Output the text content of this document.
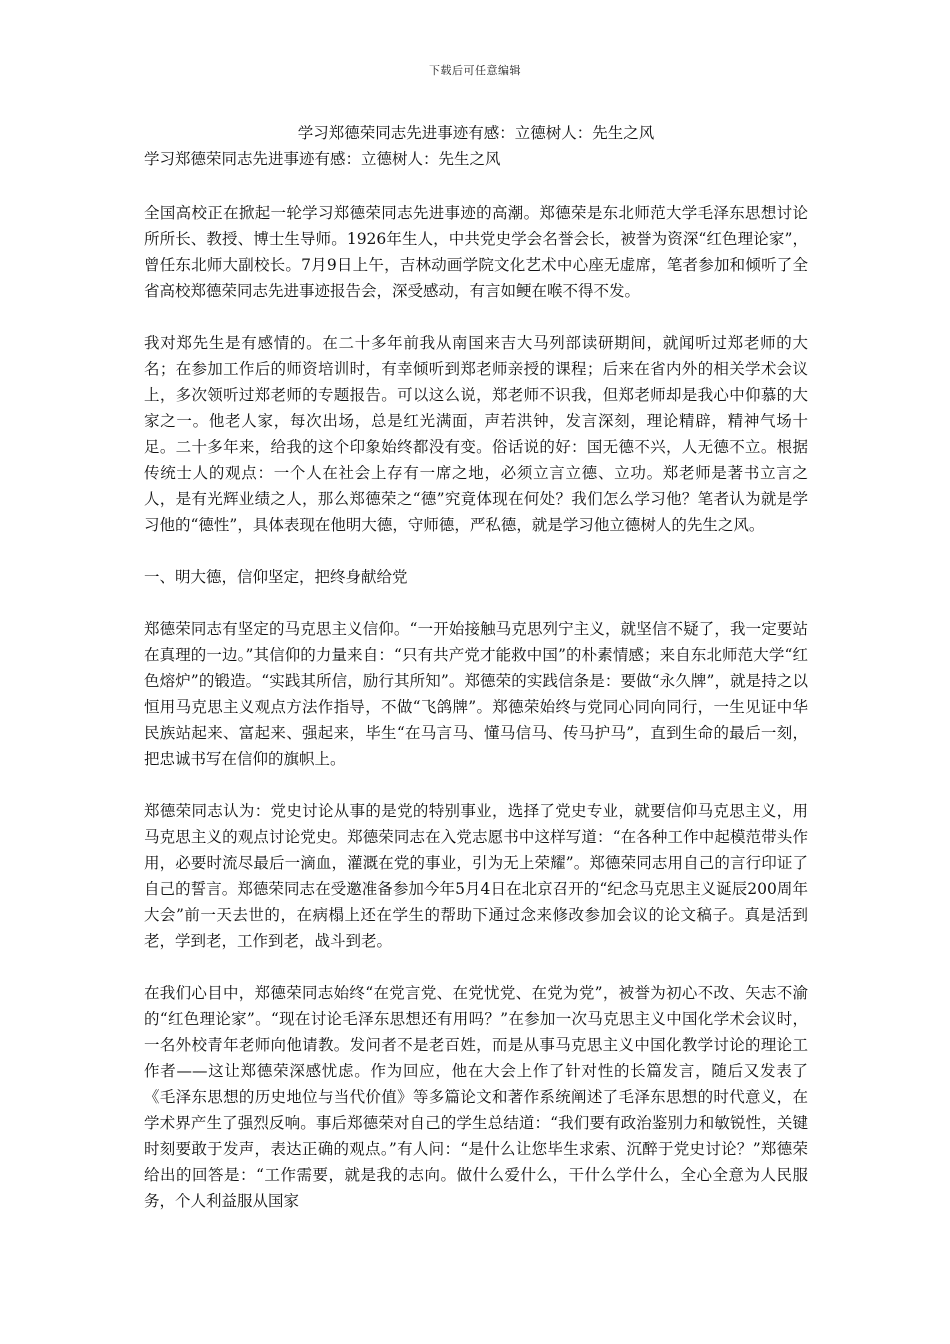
下载后可任意编辑

学习郑德荣同志先进事迹有感：立德树人：先生之风

学习郑德荣同志先进事迹有感：立德树人：先生之风

全国高校正在掀起一轮学习郑德荣同志先进事迹的高潮。郑德荣是东北师范大学毛泽东思想讨论所所长、教授、博士生导师。1926年生人，中共党史学会名誉会长，被誉为资深“红色理论家”，曾任东北师大副校长。7月9日上午，吉林动画学院文化艺术中心座无虚席，笔者参加和倾听了全省高校郑德荣同志先进事迹报告会，深受感动，有言如鲠在喉不得不发。

我对郑先生是有感情的。在二十多年前我从南国来吉大马列部读研期间，就闻听过郑老师的大名；在参加工作后的师资培训时，有幸倾听到郑老师亲授的课程；后来在省内外的相关学术会议上，多次领听过郑老师的专题报告。可以这么说，郑老师不识我，但郑老师却是我心中仰慕的大家之一。他老人家，每次出场，总是红光满面，声若洪钟，发言深刻，理论精辟，精神气场十足。二十多年来，给我的这个印象始终都没有变。俗话说的好：国无德不兴，人无德不立。根据传统士人的观点：一个人在社会上存有一席之地，必须立言立德、立功。郑老师是著书立言之人，是有光辉业绩之人，那么郑德荣之“德”究竟体现在何处？我们怎么学习他？笔者认为就是学习他的“德性”，具体表现在他明大德，守师德，严私德，就是学习他立德树人的先生之风。

一、明大德，信仰坚定，把终身献给党

郑德荣同志有坚定的马克思主义信仰。“一开始接触马克思列宁主义，就坚信不疑了，我一定要站在真理的一边。”其信仰的力量来自：“只有共产党才能救中国”的朴素情感；来自东北师范大学“红色熔炉”的锻造。“实践其所信，励行其所知”。郑德荣的实践信条是：要做“永久牌”，就是持之以恒用马克思主义观点方法作指导，不做“飞鸽牌”。郑德荣始终与党同心同向同行，一生见证中华民族站起来、富起来、强起来，毕生“在马言马、懂马信马、传马护马”，直到生命的最后一刻，把忠诚书写在信仰的旗帜上。

郑德荣同志认为：党史讨论从事的是党的特别事业，选择了党史专业，就要信仰马克思主义，用马克思主义的观点讨论党史。郑德荣同志在入党志愿书中这样写道：“在各种工作中起模范带头作用，必要时流尽最后一滴血，灌溉在党的事业，引为无上荣耀”。郑德荣同志用自己的言行印证了自己的誓言。郑德荣同志在受邀准备参加今年5月4日在北京召开的“纪念马克思主义诞辰200周年大会”前一天去世的，在病榻上还在学生的帮助下通过念来修改参加会议的论文稿子。真是活到老，学到老，工作到老，战斗到老。

在我们心目中，郑德荣同志始终“在党言党、在党忧党、在党为党”，被誉为初心不改、矢志不渝的“红色理论家”。“现在讨论毛泽东思想还有用吗？”在参加一次马克思主义中国化学术会议时，一名外校青年老师向他请教。发问者不是老百姓，而是从事马克思主义中国化教学讨论的理论工作者——这让郑德荣深感忧虑。作为回应，他在大会上作了针对性的长篇发言，随后又发表了《毛泽东思想的历史地位与当代价值》等多篇论文和著作系统阐述了毛泽东思想的时代意义，在学术界产生了强烈反响。事后郑德荣对自己的学生总结道：“我们要有政治鉴别力和敏锐性，关键时刻要敢于发声，表达正确的观点。”有人问：“是什么让您毕生求索、沉醉于党史讨论？”郑德荣给出的回答是：“工作需要，就是我的志向。做什么爱什么，干什么学什么，全心全意为人民服务，个人利益服从国家
